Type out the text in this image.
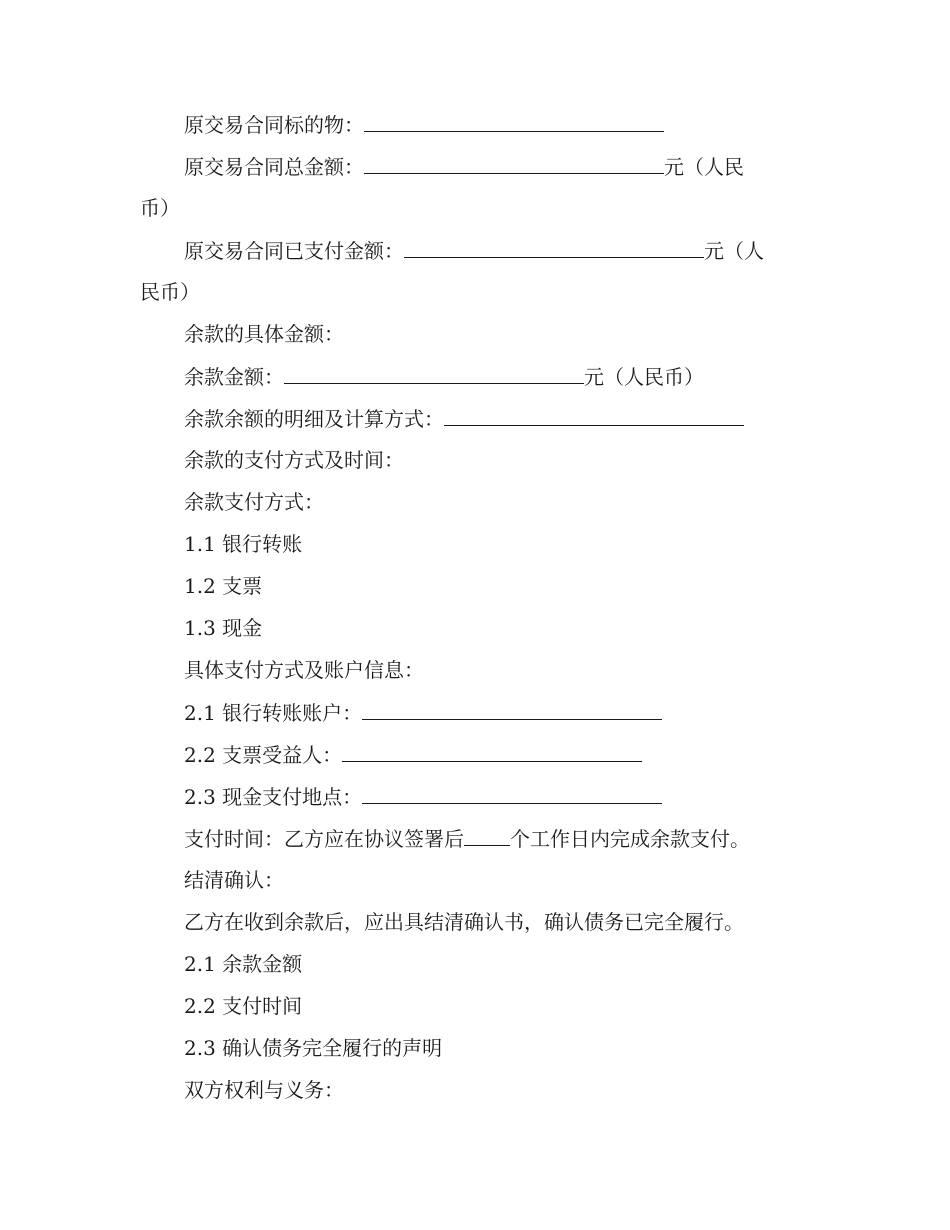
原交易合同标的物：
原交易合同总金额：	元（人民
币）
原交易合同已支付金额：	元（人
民币）
余款的具体金额：
余款金额：	元（人民币）
余款余额的明细及计算方式：
余款的支付方式及时间：
余款支付方式：
1.1 银行转账
1.2 支票
1.3 现金
具体支付方式及账户信息：
2.1 银行转账账户：
2.2 支票受益人：
2.3 现金支付地点：
支付时间：乙方应在协议签署后 个工作日内完成余款支付。
结清确认：
乙方在收到余款后，应出具结清确认书，确认债务已完全履行。
2.1 余款金额
2.2 支付时间
2.3 确认债务完全履行的声明
双方权利与义务：
